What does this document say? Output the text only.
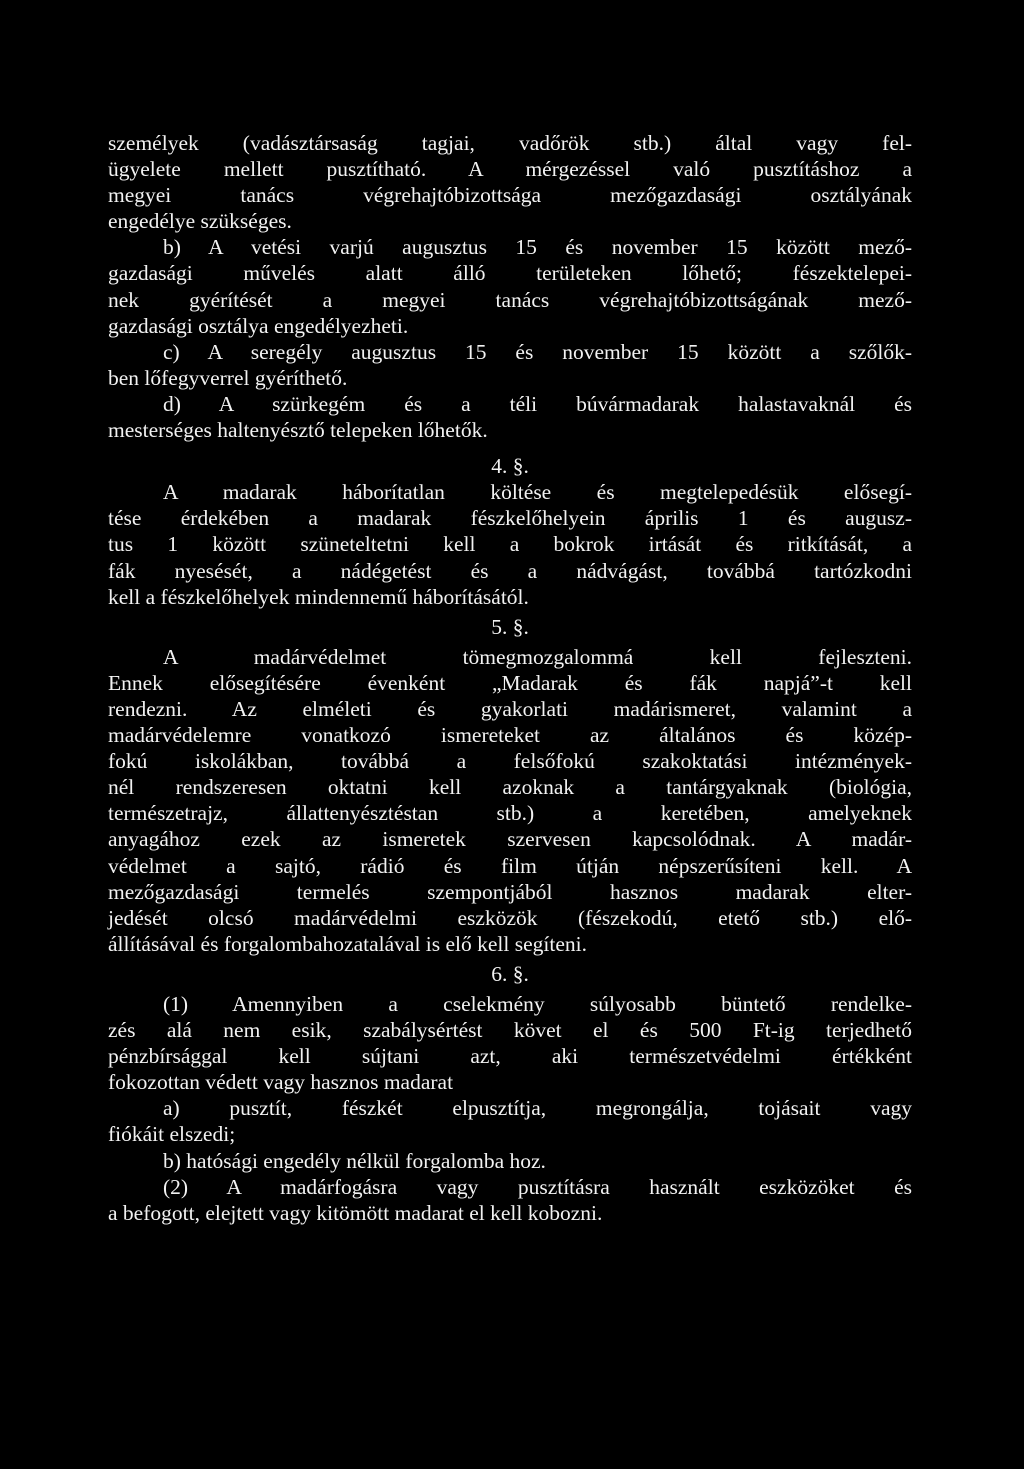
személyek (vadásztársaság tagjai, vadőrök stb.) által vagy fel-
ügyelete mellett pusztítható. A mérgezéssel való pusztításhoz a
megyei tanács végrehajtóbizottsága mezőgazdasági osztályának
engedélye szükséges.
b) A vetési varjú augusztus 15 és november 15 között mező-
gazdasági művelés alatt álló területeken lőhető; fészektelepei-
nek gyérítését a megyei tanács végrehajtóbizottságának mező-
gazdasági osztálya engedélyezheti.
c) A seregély augusztus 15 és november 15 között a szőlők-
ben lőfegyverrel gyéríthető.
d) A szürkegém és a téli búvármadarak halastavaknál és
mesterséges haltenyésztő telepeken lőhetők.
4. §.
A madarak háborítatlan költése és megtelepedésük elősegí-
tése érdekében a madarak fészkelőhelyein április 1 és augusz-
tus 1 között szüneteltetni kell a bokrok irtását és ritkítását, a
fák nyesését, a nádégetést és a nádvágást, továbbá tartózkodni
kell a fészkelőhelyek mindennemű háborításától.
5. §.
A madárvédelmet tömegmozgalommá kell fejleszteni.
Ennek elősegítésére évenként „Madarak és fák napjá”-t kell
rendezni. Az elméleti és gyakorlati madárismeret, valamint a
madárvédelemre vonatkozó ismereteket az általános és közép-
fokú iskolákban, továbbá a felsőfokú szakoktatási intézmények-
nél rendszeresen oktatni kell azoknak a tantárgyaknak (biológia,
természetrajz, állattenyésztéstan stb.) a keretében, amelyeknek
anyagához ezek az ismeretek szervesen kapcsolódnak. A madár-
védelmet a sajtó, rádió és film útján népszerűsíteni kell. A
mezőgazdasági termelés szempontjából hasznos madarak elter-
jedését olcsó madárvédelmi eszközök (fészekodú, etető stb.) elő-
állításával és forgalombahozatalával is elő kell segíteni.
6. §.
(1) Amennyiben a cselekmény súlyosabb büntető rendelke-
zés alá nem esik, szabálysértést követ el és 500 Ft-ig terjedhető
pénzbírsággal kell sújtani azt, aki természetvédelmi értékként
fokozottan védett vagy hasznos madarat
a) pusztít, fészkét elpusztítja, megrongálja, tojásait vagy
fiókáit elszedi;
b) hatósági engedély nélkül forgalomba hoz.
(2) A madárfogásra vagy pusztításra használt eszközöket és
a befogott, elejtett vagy kitömött madarat el kell kobozni.
